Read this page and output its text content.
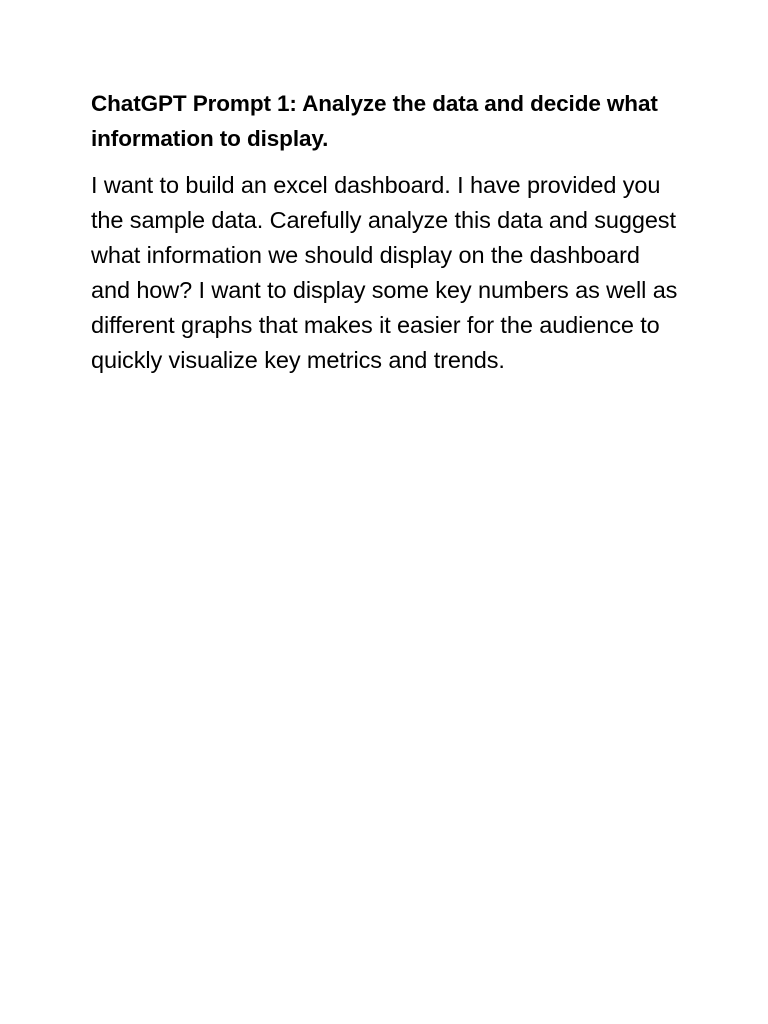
ChatGPT Prompt 1: Analyze the data and decide what information to display.

I want to build an excel dashboard. I have provided you the sample data. Carefully analyze this data and suggest what information we should display on the dashboard and how? I want to display some key numbers as well as different graphs that makes it easier for the audience to quickly visualize key metrics and trends.
